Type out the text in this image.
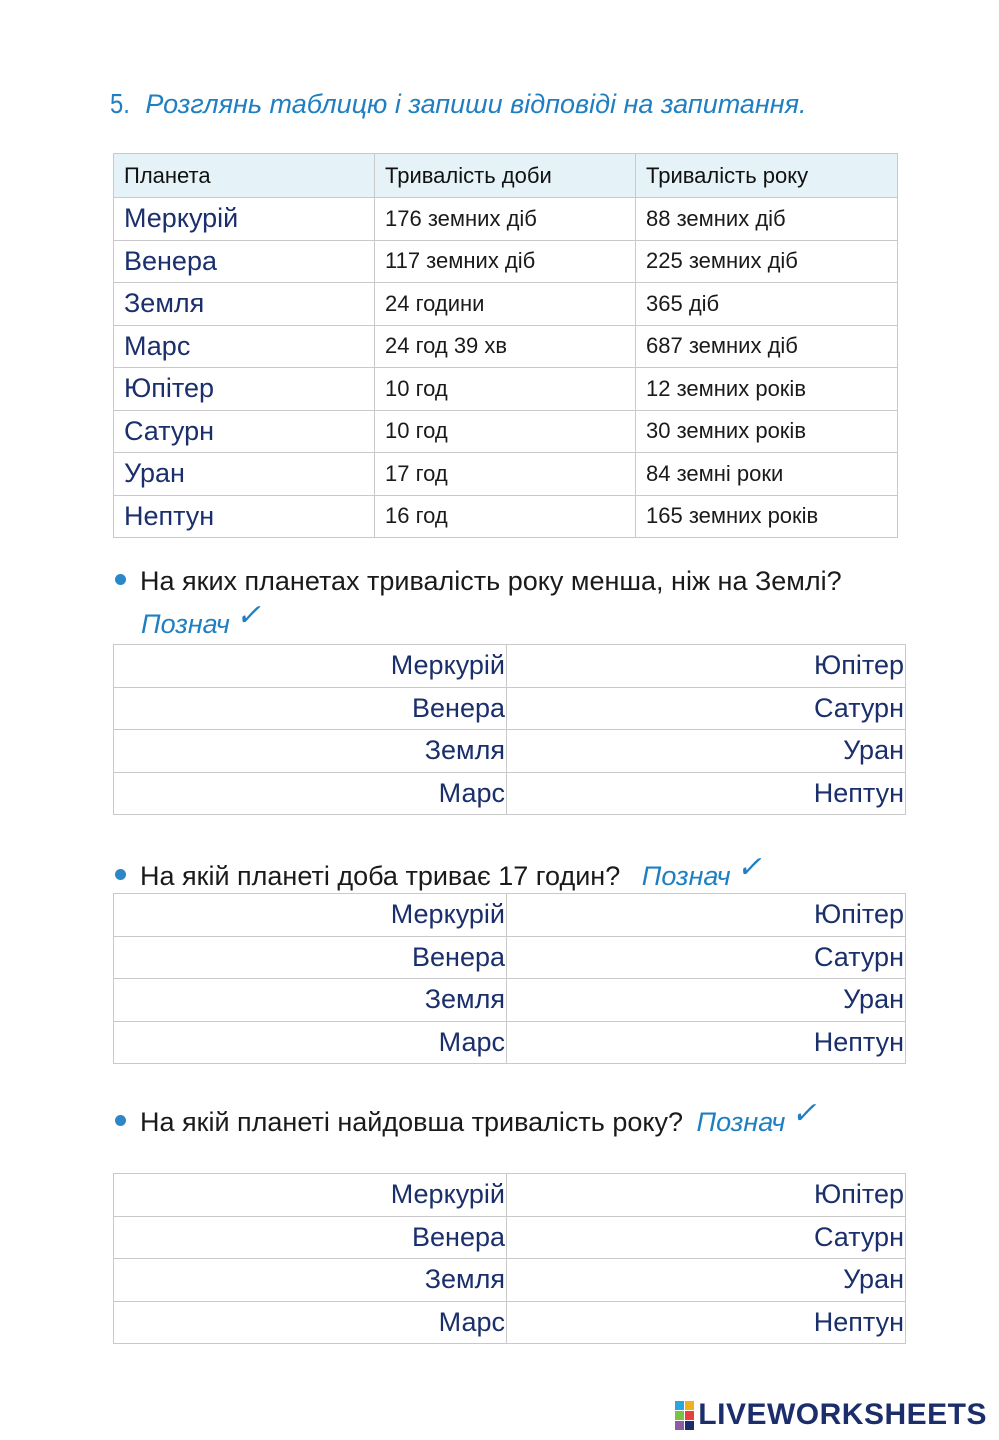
5. Розглянь таблицю і запиши відповіді на запитання.
Планета	Тривалість доби	Тривалість року
Меркурій	176 земних діб	88 земних діб
Венера	117 земних діб	225 земних діб
Земля	24 години	365 діб
Марс	24 год 39 хв	687 земних діб
Юпітер	10 год	12 земних років
Сатурн	10 год	30 земних років
Уран	17 год	84 земні роки
Нептун	16 год	165 земних років
На яких планетах тривалість року менша, ніж на Землі?
Познач ✓
Меркурій	Юпітер
Венера	Сатурн
Земля	Уран
Марс	Нептун
На якій планеті доба триває 17 годин? Познач ✓
Меркурій	Юпітер
Венера	Сатурн
Земля	Уран
Марс	Нептун
На якій планеті найдовша тривалість року? Познач ✓
Меркурій	Юпітер
Венера	Сатурн
Земля	Уран
Марс	Нептун
LIVEWORKSHEETS
